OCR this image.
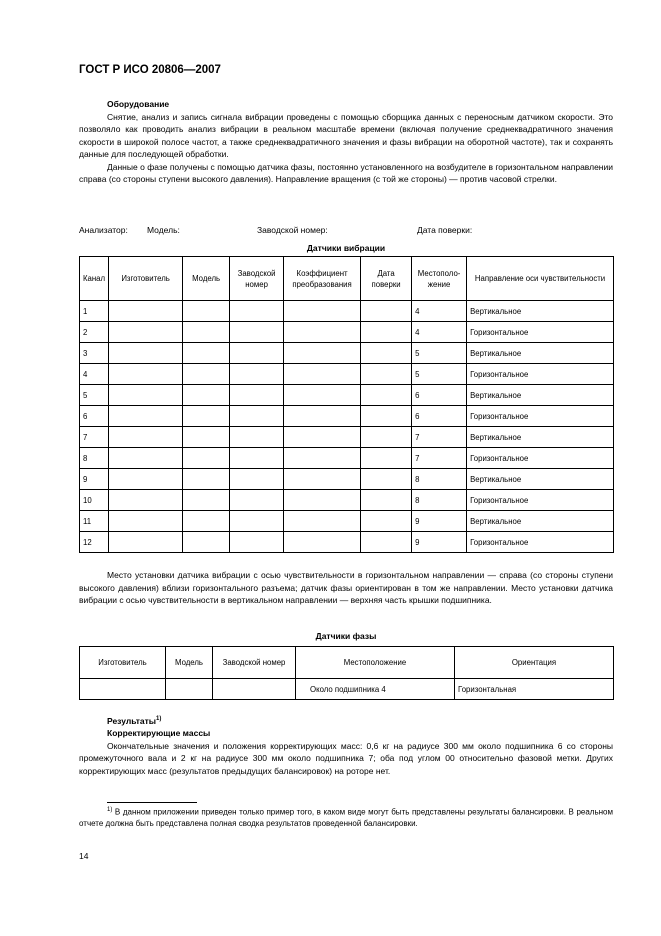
ГОСТ Р ИСО 20806—2007
Оборудование

Снятие, анализ и запись сигнала вибрации проведены с помощью сборщика данных с переносным датчиком скорости. Это позволяло как проводить анализ вибрации в реальном масштабе времени (включая получение среднеквадратичного значения скорости в широкой полосе частот, а также среднеквадратичного значения и фазы вибрации на оборотной частоте), так и сохранять данные для последующей обработки.

Данные о фазе получены с помощью датчика фазы, постоянно установленного на возбудителе в горизонтальном направлении справа (со стороны ступени высокого давления). Направление вращения (с той же стороны) — против часовой стрелки.

Анализатор: Модель:	Заводской номер:	Дата поверки:
Датчики вибрации
Канал	Изготовитель	Модель	Заводской номер	Коэффициент преобразования	Дата поверки	Местополо-жение	Направление оси чувствительности
1						4	Вертикальное
2						4	Горизонтальное
3						5	Вертикальное
4						5	Горизонтальное
5						6	Вертикальное
6						6	Горизонтальное
7						7	Вертикальное
8						7	Горизонтальное
9						8	Вертикальное
10						8	Горизонтальное
11						9	Вертикальное
12						9	Горизонтальное

Место установки датчика вибрации с осью чувствительности в горизонтальном направлении — справа (со стороны ступени высокого давления) вблизи горизонтального разъема; датчик фазы ориентирован в том же направлении. Место установки датчика вибрации с осью чувствительности в вертикальном направлении — верхняя часть крышки подшипника.

Датчики фазы
Изготовитель	Модель	Заводской номер	Местоположение	Ориентация
			Около подшипника 4	Горизонтальная
Результаты$^{1)}$
Корректирующие массы

Окончательные значения и положения корректирующих масс: 0,6 кг на радиусе 300 мм около подшипника 6 со стороны промежуточного вала и 2 кг на радиусе 300 мм около подшипника 7; оба под углом 00 относительно фазовой метки. Других корректирующих масс (результатов предыдущих балансировок) на роторе нет.

$^{1)}$ В данном приложении приведен только пример того, в каком виде могут быть представлены результаты балансировки. В реальном отчете должна быть представлена полная сводка результатов проведенной балансировки.
14
